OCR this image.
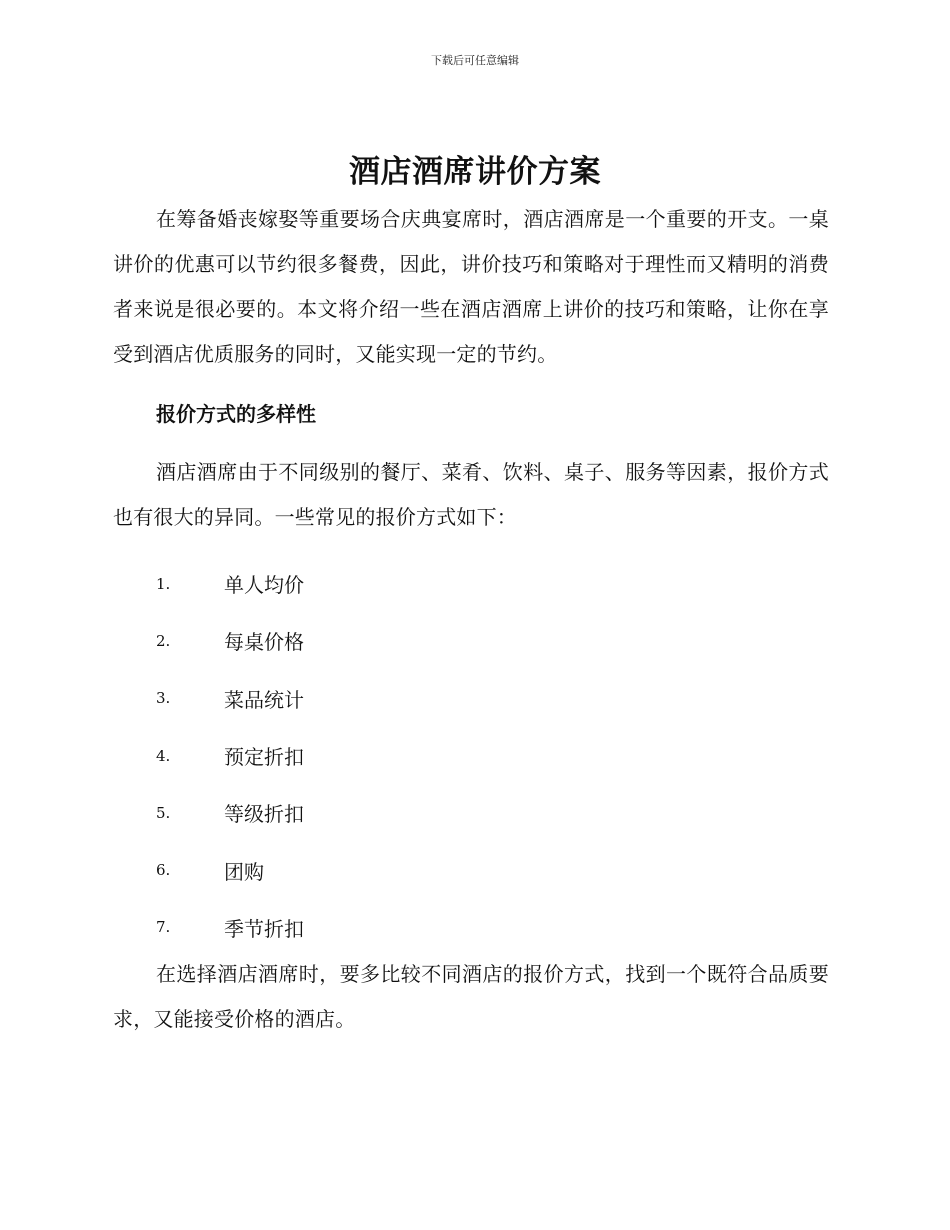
下载后可任意编辑
酒店酒席讲价方案

在筹备婚丧嫁娶等重要场合庆典宴席时，酒店酒席是一个重要的开支。一桌讲价的优惠可以节约很多餐费，因此，讲价技巧和策略对于理性而又精明的消费者来说是很必要的。本文将介绍一些在酒店酒席上讲价的技巧和策略，让你在享受到酒店优质服务的同时，又能实现一定的节约。

报价方式的多样性

酒店酒席由于不同级别的餐厅、菜肴、饮料、桌子、服务等因素，报价方式也有很大的异同。一些常见的报价方式如下：

1.	单人均价
2.	每桌价格
3.	菜品统计
4.	预定折扣
5.	等级折扣
6.	团购
7.	季节折扣

在选择酒店酒席时，要多比较不同酒店的报价方式，找到一个既符合品质要求，又能接受价格的酒店。
